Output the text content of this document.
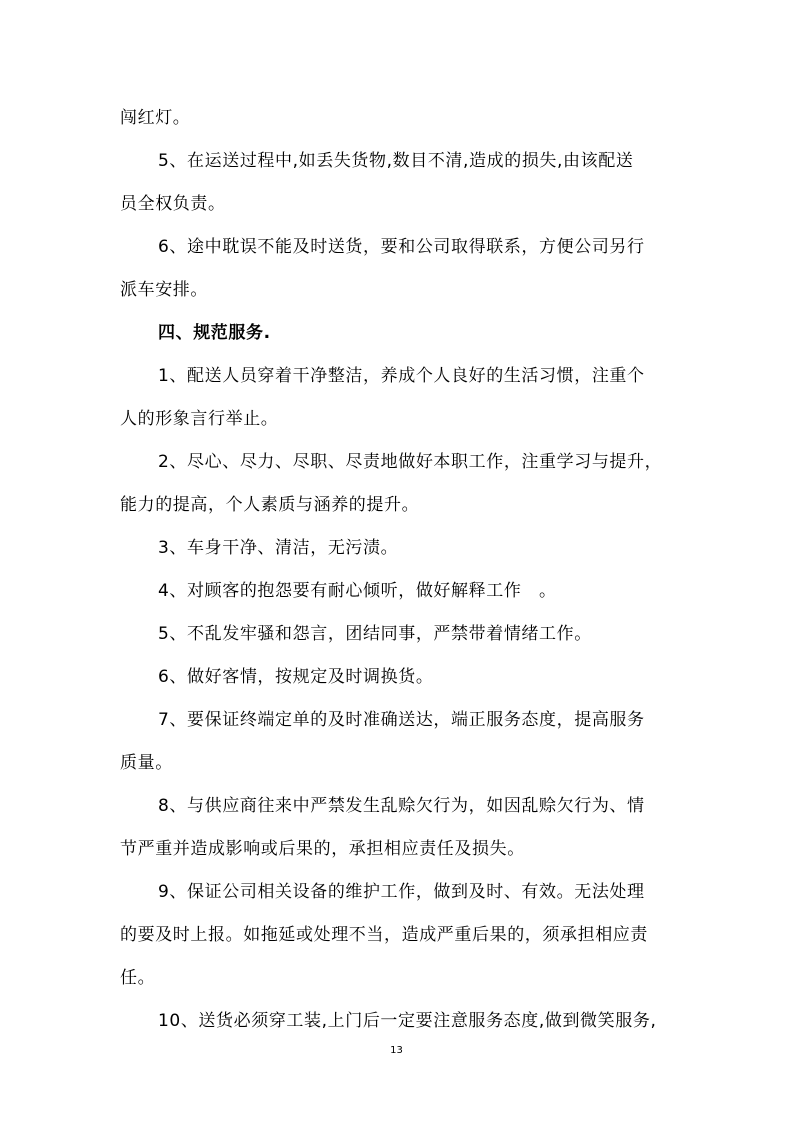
闯红灯。
5、在运送过程中,如丢失货物,数目不清,造成的损失,由该配送
员全权负责。
6、途中耽误不能及时送货，要和公司取得联系，方便公司另行
派车安排。
四、规范服务.
1、配送人员穿着干净整洁，养成个人良好的生活习惯，注重个
人的形象言行举止。
2、尽心、尽力、尽职、尽责地做好本职工作，注重学习与提升，
能力的提高，个人素质与涵养的提升。
3、车身干净、清洁，无污渍。
4、对顾客的抱怨要有耐心倾听，做好解释工作　。
5、不乱发牢骚和怨言，团结同事，严禁带着情绪工作。
6、做好客情，按规定及时调换货。
7、要保证终端定单的及时准确送达，端正服务态度，提高服务
质量。
8、与供应商往来中严禁发生乱赊欠行为，如因乱赊欠行为、情
节严重并造成影响或后果的，承担相应责任及损失。
9、保证公司相关设备的维护工作，做到及时、有效。无法处理
的要及时上报。如拖延或处理不当，造成严重后果的，须承担相应责
任。
10、送货必须穿工装,上门后一定要注意服务态度,做到微笑服务,
13
